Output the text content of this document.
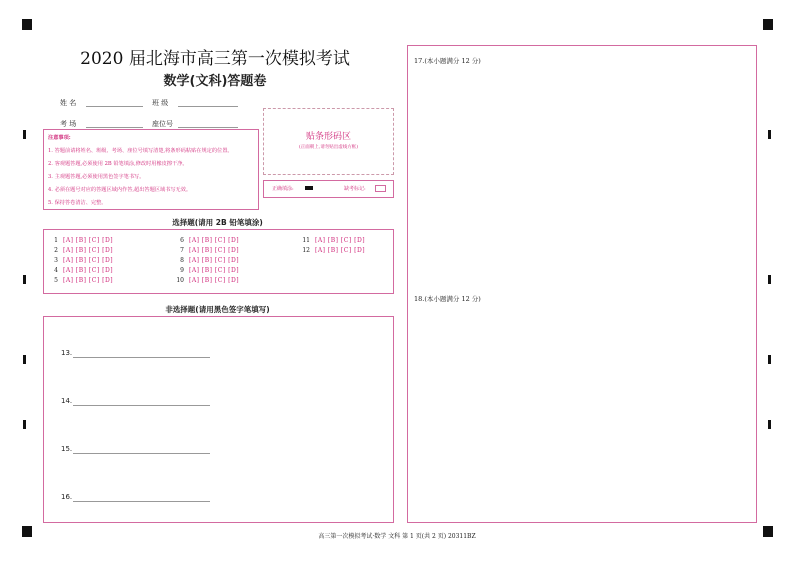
2020 届北海市高三第一次模拟考试
数学(文科)答题卷
姓 名	班 级
考 场	座位号
注意事项:
1. 答题前请将姓名、班级、考场、座位号填写清楚,将条形码粘贴在规定的位置。
2. 客观题答题,必须使用 2B 铅笔填涂,修改时用橡皮擦干净。
3. 主观题答题,必须使用黑色签字笔书写。
4. 必须在题号对应的答题区域内作答,超出答题区域书写无效。
5. 保持答卷清洁、完整。
贴条形码区
(正面朝上,请勿贴出虚线方框)
正确填涂:	缺考标记:
选择题(请用 2B 铅笔填涂)
1 [A] [B] [C] [D]
2 [A] [B] [C] [D]
3 [A] [B] [C] [D]
4 [A] [B] [C] [D]
5 [A] [B] [C] [D]
6 [A] [B] [C] [D]
7 [A] [B] [C] [D]
8 [A] [B] [C] [D]
9 [A] [B] [C] [D]
10 [A] [B] [C] [D]
11 [A] [B] [C] [D]
12 [A] [B] [C] [D]
非选择题(请用黑色签字笔填写)
13.
14.
15.
16.
17.(本小题满分 12 分)
18.(本小题满分 12 分)
高三第一次模拟考试·数学 文科 第 1 页(共 2 页) 20311BZ
